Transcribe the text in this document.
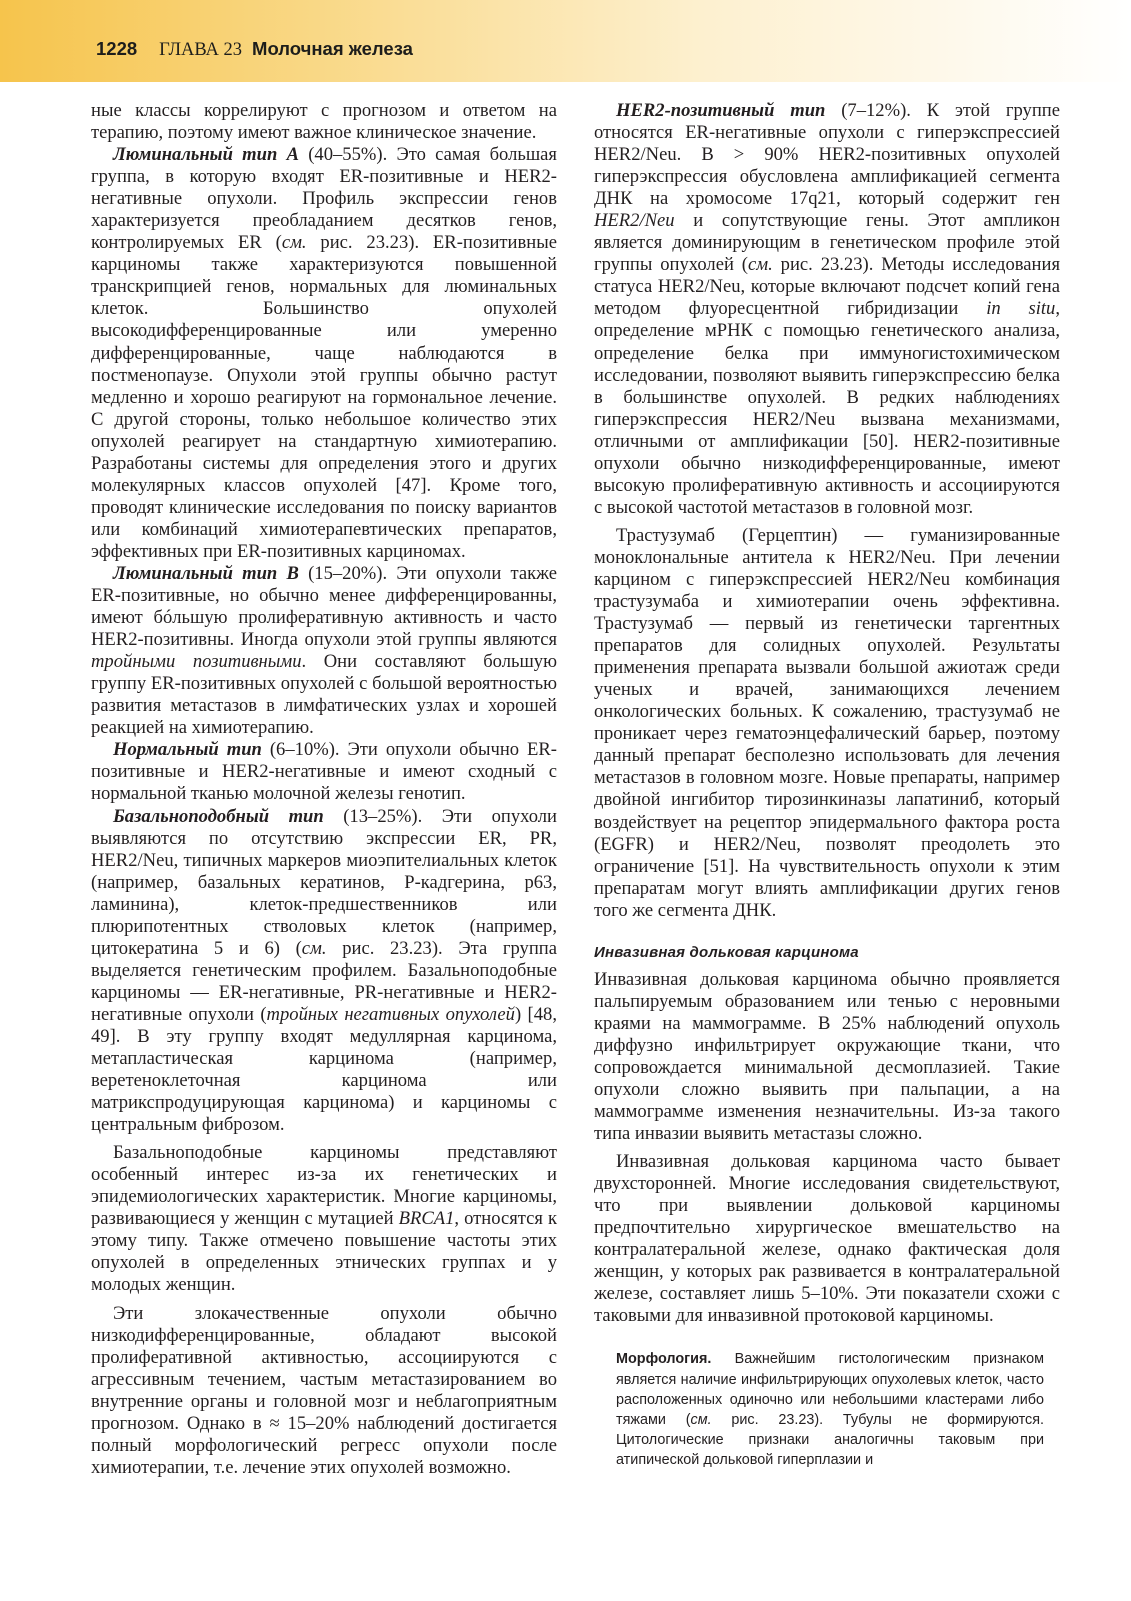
1228 ГЛАВА 23 Молочная железа

ные классы коррелируют с прогнозом и ответом на терапию, поэтому имеют важное клиническое значение.

Люминальный тип A (40–55%). Это самая большая группа, в которую входят ER-позитивные и HER2-негативные опухоли. Профиль экспрессии генов характеризуется преобладанием десятков генов, контролируемых ER (см. рис. 23.23). ER-позитивные карциномы также характеризуются повышенной транскрипцией генов, нормальных для люминальных клеток. Большинство опухолей высокодифференцированные или умеренно дифференцированные, чаще наблюдаются в постменопаузе. Опухоли этой группы обычно растут медленно и хорошо реагируют на гормональное лечение. С другой стороны, только небольшое количество этих опухолей реагирует на стандартную химиотерапию. Разработаны системы для определения этого и других молекулярных классов опухолей [47]. Кроме того, проводят клинические исследования по поиску вариантов или комбинаций химиотерапевтических препаратов, эффективных при ER-позитивных карциномах.

Люминальный тип B (15–20%). Эти опухоли также ER-позитивные, но обычно менее дифференцированны, имеют бóльшую пролиферативную активность и часто HER2-позитивны. Иногда опухоли этой группы являются тройными позитивными. Они составляют большую группу ER-позитивных опухолей с большой вероятностью развития метастазов в лимфатических узлах и хорошей реакцией на химиотерапию.

Нормальный тип (6–10%). Эти опухоли обычно ER-позитивные и HER2-негативные и имеют сходный с нормальной тканью молочной железы генотип.

Базальноподобный тип (13–25%). Эти опухоли выявляются по отсутствию экспрессии ER, PR, HER2/Neu, типичных маркеров миоэпителиальных клеток (например, базальных кератинов, P-кадгерина, p63, ламинина), клеток-предшественников или плюрипотентных стволовых клеток (например, цитокератина 5 и 6) (см. рис. 23.23). Эта группа выделяется генетическим профилем. Базальноподобные карциномы — ER-негативные, PR-негативные и HER2-негативные опухоли (тройных негативных опухолей) [48, 49]. В эту группу входят медуллярная карцинома, метапластическая карцинома (например, веретеноклеточная карцинома или матрикспродуцирующая карцинома) и карциномы с центральным фиброзом.

Базальноподобные карциномы представляют особенный интерес из-за их генетических и эпидемиологических характеристик. Многие карциномы, развивающиеся у женщин с мутацией BRCA1, относятся к этому типу. Также отмечено повышение частоты этих опухолей в определенных этнических группах и у молодых женщин.

Эти злокачественные опухоли обычно низкодифференцированные, обладают высокой пролиферативной активностью, ассоциируются с агрессивным течением, частым метастазированием во внутренние органы и головной мозг и неблагоприятным прогнозом. Однако в ≈ 15–20% наблюдений достигается полный морфологический регресс опухоли после химиотерапии, т.е. лечение этих опухолей возможно.

HER2-позитивный тип (7–12%). К этой группе относятся ER-негативные опухоли с гиперэкспрессией HER2/Neu. В > 90% HER2-позитивных опухолей гиперэкспрессия обусловлена амплификацией сегмента ДНК на хромосоме 17q21, который содержит ген HER2/Neu и сопутствующие гены. Этот ампликон является доминирующим в генетическом профиле этой группы опухолей (см. рис. 23.23). Методы исследования статуса HER2/Neu, которые включают подсчет копий гена методом флуоресцентной гибридизации in situ, определение мРНК с помощью генетического анализа, определение белка при иммуногистохимическом исследовании, позволяют выявить гиперэкспрессию белка в большинстве опухолей. В редких наблюдениях гиперэкспрессия HER2/Neu вызвана механизмами, отличными от амплификации [50]. HER2-позитивные опухоли обычно низкодифференцированные, имеют высокую пролиферативную активность и ассоциируются с высокой частотой метастазов в головной мозг.

Трастузумаб (Герцептин) — гуманизированные моноклональные антитела к HER2/Neu. При лечении карцином с гиперэкспрессией HER2/Neu комбинация трастузумаба и химиотерапии очень эффективна. Трастузумаб — первый из генетически таргентных препаратов для солидных опухолей. Результаты применения препарата вызвали большой ажиотаж среди ученых и врачей, занимающихся лечением онкологических больных. К сожалению, трастузумаб не проникает через гематоэнцефалический барьер, поэтому данный препарат бесполезно использовать для лечения метастазов в головном мозге. Новые препараты, например двойной ингибитор тирозинкиназы лапатиниб, который воздействует на рецептор эпидермального фактора роста (EGFR) и HER2/Neu, позволят преодолеть это ограничение [51]. На чувствительность опухоли к этим препаратам могут влиять амплификации других генов того же сегмента ДНК.

Инвазивная дольковая карцинома

Инвазивная дольковая карцинома обычно проявляется пальпируемым образованием или тенью с неровными краями на маммограмме. В 25% наблюдений опухоль диффузно инфильтрирует окружающие ткани, что сопровождается минимальной десмоплазией. Такие опухоли сложно выявить при пальпации, а на маммограмме изменения незначительны. Из-за такого типа инвазии выявить метастазы сложно.

Инвазивная дольковая карцинома часто бывает двухсторонней. Многие исследования свидетельствуют, что при выявлении дольковой карциномы предпочтительно хирургическое вмешательство на контралатеральной железе, однако фактическая доля женщин, у которых рак развивается в контралатеральной железе, составляет лишь 5–10%. Эти показатели схожи с таковыми для инвазивной протоковой карциномы.

Морфология. Важнейшим гистологическим признаком является наличие инфильтрирующих опухолевых клеток, часто расположенных одиночно или небольшими кластерами либо тяжами (см. рис. 23.23). Тубулы не формируются. Цитологические признаки аналогичны таковым при атипической дольковой гиперплазии и
